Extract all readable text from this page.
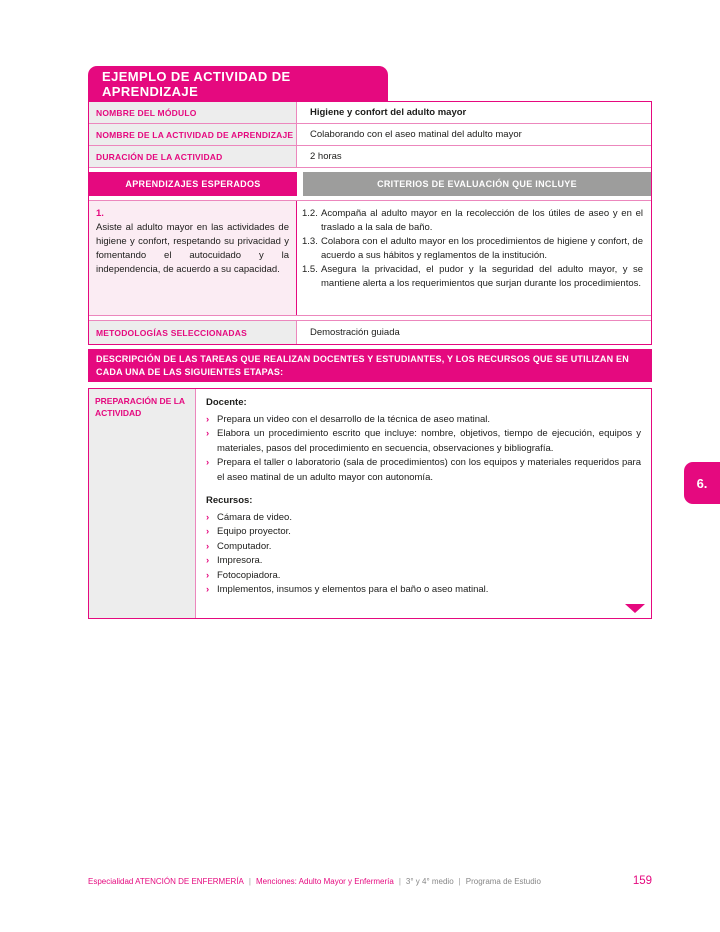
EJEMPLO DE ACTIVIDAD DE APRENDIZAJE
NOMBRE DEL MÓDULO	Higiene y confort del adulto mayor
NOMBRE DE LA ACTIVIDAD DE APRENDIZAJE	Colaborando con el aseo matinal del adulto mayor
DURACIÓN DE LA ACTIVIDAD	2 horas
APRENDIZAJES ESPERADOS	CRITERIOS DE EVALUACIÓN QUE INCLUYE
1.
Asiste al adulto mayor en las actividades de higiene y confort, respetando su privacidad y fomentando el autocuidado y la independencia, de acuerdo a su capacidad.
1.2. Acompaña al adulto mayor en la recolección de los útiles de aseo y en el traslado a la sala de baño.
1.3. Colabora con el adulto mayor en los procedimientos de higiene y confort, de acuerdo a sus hábitos y reglamentos de la institución.
1.5. Asegura la privacidad, el pudor y la seguridad del adulto mayor, y se mantiene alerta a los requerimientos que surjan durante los procedimientos.
METODOLOGÍAS SELECCIONADAS	Demostración guiada
DESCRIPCIÓN DE LAS TAREAS QUE REALIZAN DOCENTES Y ESTUDIANTES, Y LOS RECURSOS QUE SE UTILIZAN EN CADA UNA DE LAS SIGUIENTES ETAPAS:
PREPARACIÓN DE LA ACTIVIDAD
Docente:
› Prepara un video con el desarrollo de la técnica de aseo matinal.
› Elabora un procedimiento escrito que incluye: nombre, objetivos, tiempo de ejecución, equipos y materiales, pasos del procedimiento en secuencia, observaciones y bibliografía.
› Prepara el taller o laboratorio (sala de procedimientos) con los equipos y materiales requeridos para el aseo matinal de un adulto mayor con autonomía.
Recursos:
› Cámara de video.
› Equipo proyector.
› Computador.
› Impresora.
› Fotocopiadora.
› Implementos, insumos y elementos para el baño o aseo matinal.
6.
Especialidad ATENCIÓN DE ENFERMERÍA | Menciones: Adulto Mayor y Enfermería | 3° y 4° medio | Programa de Estudio	159
